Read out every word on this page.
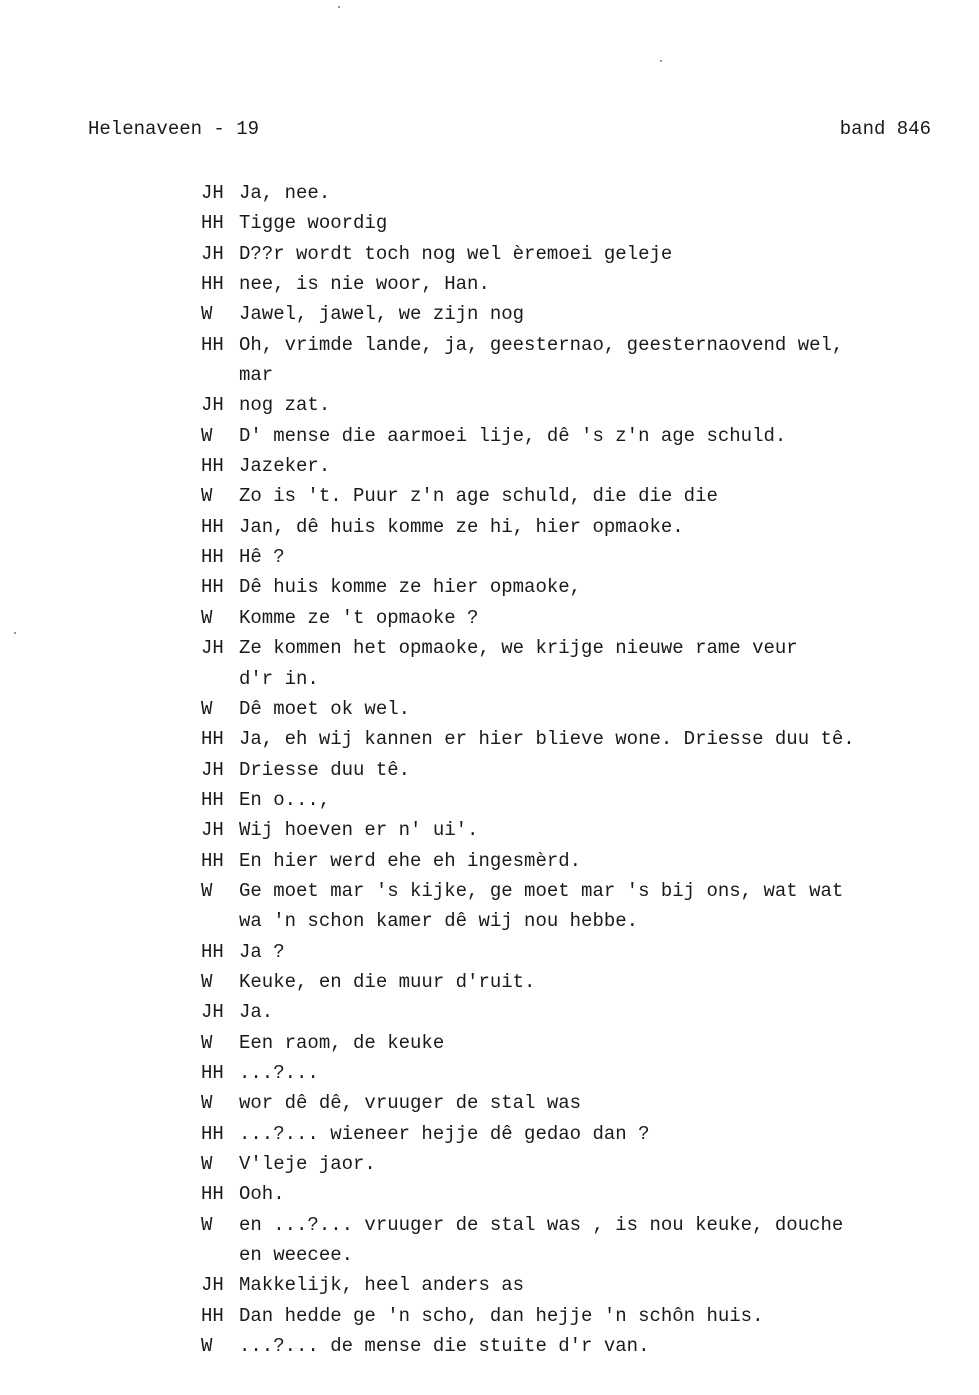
Helenaveen - 19	band 846
JH Ja, nee.
HH Tigge woordig
JH D??r wordt toch nog wel èremoei geleje
HH nee, is nie woor, Han.
W Jawel, jawel, we zijn nog
HH Oh, vrimde lande, ja, geesternao, geesternaovend wel,
mar
JH nog zat.
W D' mense die aarmoei lije, dê 's z'n age schuld.
HH Jazeker.
W Zo is 't. Puur z'n age schuld, die die die
HH Jan, dê huis komme ze hi, hier opmaoke.
HH Hê ?
HH Dê huis komme ze hier opmaoke,
W Komme ze 't opmaoke ?
JH Ze kommen het opmaoke, we krijge nieuwe rame veur
d'r in.
W Dê moet ok wel.
HH Ja, eh wij kannen er hier blieve wone. Driesse duu tê.
JH Driesse duu tê.
HH En o...,
JH Wij hoeven er n' ui'.
HH En hier werd ehe eh ingesmèrd.
W Ge moet mar 's kijke, ge moet mar 's bij ons, wat wat
wa 'n schon kamer dê wij nou hebbe.
HH Ja ?
W Keuke, en die muur d'ruit.
JH Ja.
W Een raom, de keuke
HH ...?...
W wor dê dê, vruuger de stal was
HH ...?... wieneer hejje dê gedao dan ?
W V'leje jaor.
HH Ooh.
W en ...?... vruuger de stal was , is nou keuke, douche
en weecee.
JH Makkelijk, heel anders as
HH Dan hedde ge 'n scho, dan hejje 'n schôn huis.
W ...?... de mense die stuite d'r van.
